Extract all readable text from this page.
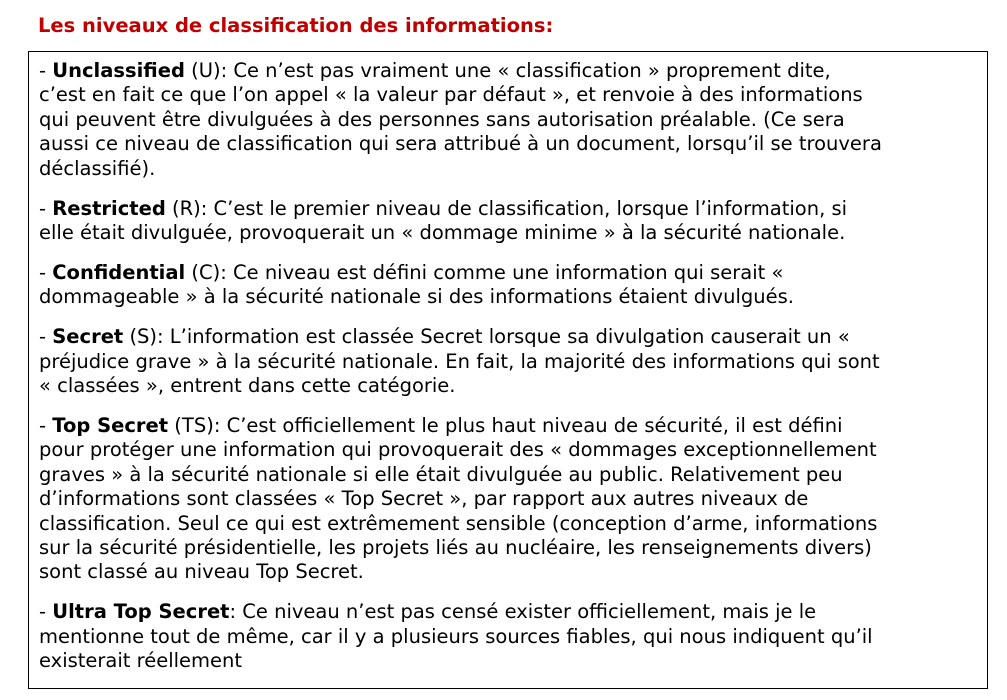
Les niveaux de classification des informations:

- Unclassified (U): Ce n’est pas vraiment une « classification » proprement dite,
c’est en fait ce que l’on appel « la valeur par défaut », et renvoie à des informations
qui peuvent être divulguées à des personnes sans autorisation préalable. (Ce sera
aussi ce niveau de classification qui sera attribué à un document, lorsqu’il se trouvera
déclassifié).

- Restricted (R): C’est le premier niveau de classification, lorsque l’information, si
elle était divulguée, provoquerait un « dommage minime » à la sécurité nationale.

- Confidential (C): Ce niveau est défini comme une information qui serait «
dommageable » à la sécurité nationale si des informations étaient divulgués.

- Secret (S): L’information est classée Secret lorsque sa divulgation causerait un «
préjudice grave » à la sécurité nationale. En fait, la majorité des informations qui sont
« classées », entrent dans cette catégorie.

- Top Secret (TS): C’est officiellement le plus haut niveau de sécurité, il est défini
pour protéger une information qui provoquerait des « dommages exceptionnellement
graves » à la sécurité nationale si elle était divulguée au public. Relativement peu
d’informations sont classées « Top Secret », par rapport aux autres niveaux de
classification. Seul ce qui est extrêmement sensible (conception d’arme, informations
sur la sécurité présidentielle, les projets liés au nucléaire, les renseignements divers)
sont classé au niveau Top Secret.

- Ultra Top Secret: Ce niveau n’est pas censé exister officiellement, mais je le
mentionne tout de même, car il y a plusieurs sources fiables, qui nous indiquent qu’il
existerait réellement
